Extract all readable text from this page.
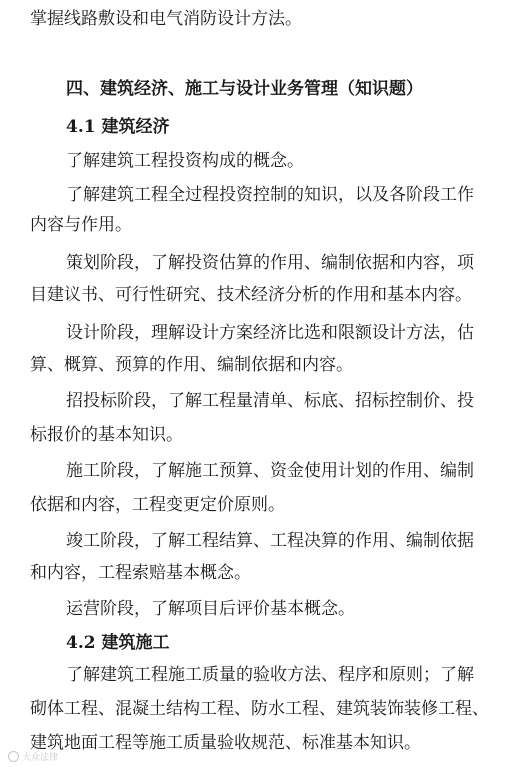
掌握线路敷设和电气消防设计方法。
四、建筑经济、施工与设计业务管理（知识题）
4.1 建筑经济
了解建筑工程投资构成的概念。
了解建筑工程全过程投资控制的知识，以及各阶段工作
内容与作用。
策划阶段，了解投资估算的作用、编制依据和内容，项
目建议书、可行性研究、技术经济分析的作用和基本内容。
设计阶段，理解设计方案经济比选和限额设计方法，估
算、概算、预算的作用、编制依据和内容。
招投标阶段，了解工程量清单、标底、招标控制价、投
标报价的基本知识。
施工阶段，了解施工预算、资金使用计划的作用、编制
依据和内容，工程变更定价原则。
竣工阶段，了解工程结算、工程决算的作用、编制依据
和内容，工程索赔基本概念。
运营阶段，了解项目后评价基本概念。
4.2 建筑施工
了解建筑工程施工质量的验收方法、程序和原则；了解
砌体工程、混凝土结构工程、防水工程、建筑装饰装修工程、
建筑地面工程等施工质量验收规范、标准基本知识。
大众法律
